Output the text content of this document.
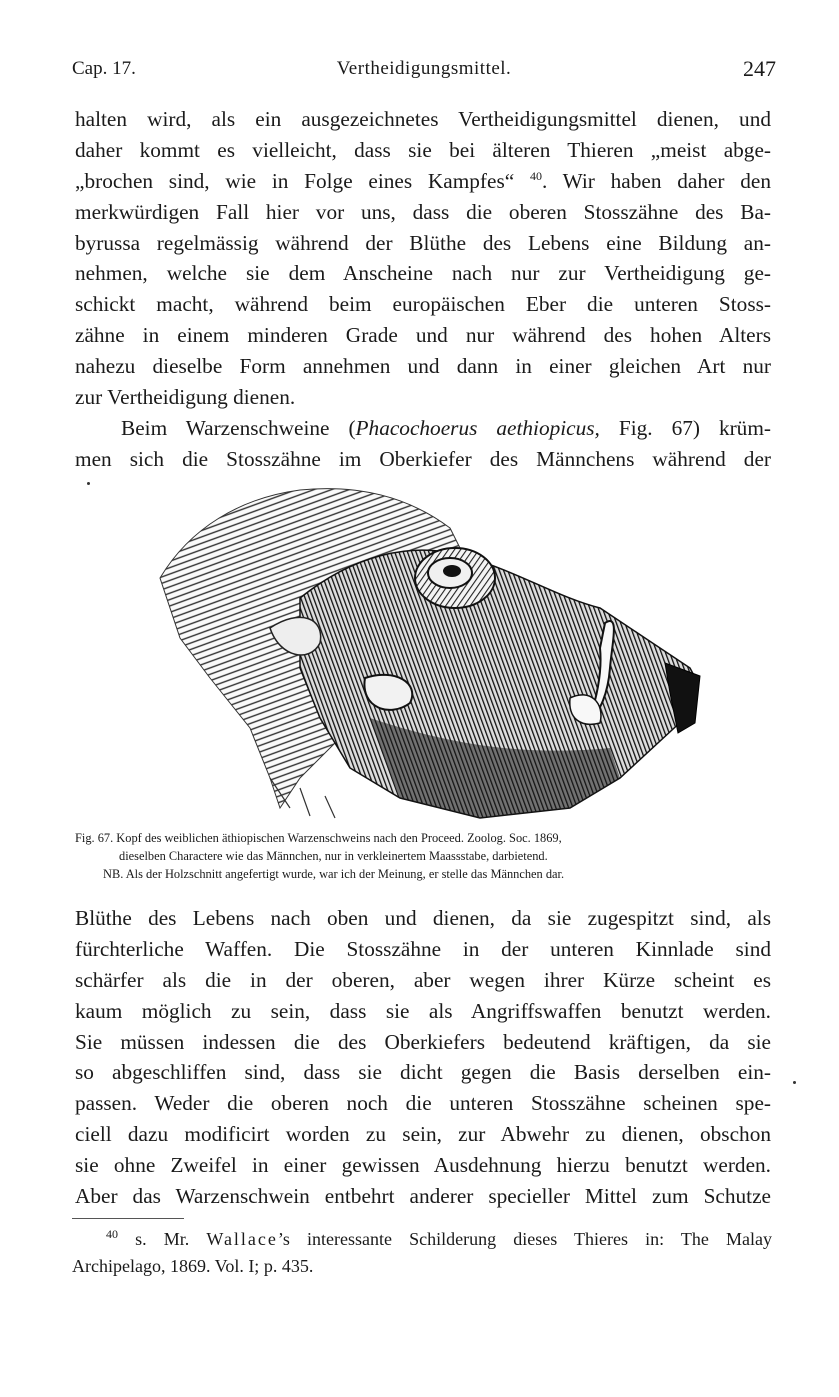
Cap. 17.	Vertheidigungsmittel.	247
halten wird, als ein ausgezeichnetes Vertheidigungsmittel dienen, und
daher kommt es vielleicht, dass sie bei älteren Thieren „meist abge-
„brochen sind, wie in Folge eines Kampfes“ $^{40}$. Wir haben daher den
merkwürdigen Fall hier vor uns, dass die oberen Stosszähne des Ba-
byrussa regelmässig während der Blüthe des Lebens eine Bildung an-
nehmen, welche sie dem Anscheine nach nur zur Vertheidigung ge-
schickt macht, während beim europäischen Eber die unteren Stoss-
zähne in einem minderen Grade und nur während des hohen Alters
nahezu dieselbe Form annehmen und dann in einer gleichen Art nur
zur Vertheidigung dienen.
Beim Warzenschweine (Phacochoerus aethiopicus, Fig. 67) krüm-
men sich die Stosszähne im Oberkiefer des Männchens während der
Fig. 67. Kopf des weiblichen äthiopischen Warzenschweins nach den Proceed. Zoolog. Soc. 1869,
dieselben Charactere wie das Männchen, nur in verkleinertem Maassstabe, darbietend.
NB. Als der Holzschnitt angefertigt wurde, war ich der Meinung, er stelle das Männchen dar.
Blüthe des Lebens nach oben und dienen, da sie zugespitzt sind, als
fürchterliche Waffen. Die Stosszähne in der unteren Kinnlade sind
schärfer als die in der oberen, aber wegen ihrer Kürze scheint es
kaum möglich zu sein, dass sie als Angriffswaffen benutzt werden.
Sie müssen indessen die des Oberkiefers bedeutend kräftigen, da sie
so abgeschliffen sind, dass sie dicht gegen die Basis derselben ein-
passen. Weder die oberen noch die unteren Stosszähne scheinen spe-
ciell dazu modificirt worden zu sein, zur Abwehr zu dienen, obschon
sie ohne Zweifel in einer gewissen Ausdehnung hierzu benutzt werden.
Aber das Warzenschwein entbehrt anderer specieller Mittel zum Schutze
$^{40}$ s. Mr. Wallace’s interessante Schilderung dieses Thieres in: The Malay
Archipelago, 1869. Vol. I; p. 435.
